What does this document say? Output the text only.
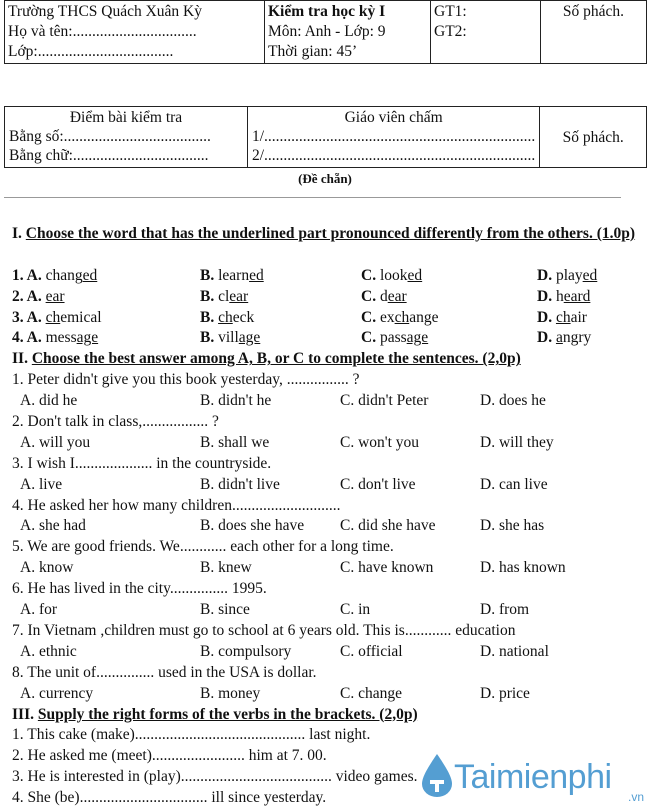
Trường THCS Quách Xuân Kỳ
Họ và tên:................................
Lớp:...................................

Kiểm tra học kỳ I
Môn: Anh - Lớp: 9
Thời gian: 45’

GT1:
GT2:

Số phách.
Điểm bài kiểm tra
Bằng số:......................................
Bằng chữ:...................................

Giáo viên chấm
1/......................................................................
2/......................................................................

Số phách.
(Đề chẵn)
I. Choose the word that has the underlined part pronounced differently from the others. (1.0p)
1. A. changed	B. learned	C. looked	D. played
2. A. ear	B. clear	C. dear	D. heard
3. A. chemical	B. check	C. exchange	D. chair
4. A. message	B. village	C. passage	D. angry
II. Choose the best answer among A, B, or C to complete the sentences. (2,0p)
1. Peter didn't give you this book yesterday, ................ ?
A. did he	B. didn't he	C. didn't Peter	D. does he
2. Don't talk in class,................. ?
A. will you	B. shall we	C. won't you	D. will they
3. I wish I.................... in the countryside.
A. live	B. didn't live	C. don't live	D. can live
4. He asked her how many children............................
A. she had	B. does she have C. did she have	D. she has
5. We are good friends. We............ each other for a long time.
A. know	B. knew	C. have known	D. has known
6. He has lived in the city............... 1995.
A. for	B. since	C. in	D. from
7. In Vietnam ,children must go to school at 6 years old. This is............ education
A. ethnic	B. compulsory	C. official	D. national
8. The unit of............... used in the USA is dollar.
A. currency	B. money	C. change	D. price
III. Supply the right forms of the verbs in the brackets. (2,0p)
1. This cake (make)............................................ last night.
2. He asked me (meet)........................ him at 7. 00.
3. He is interested in (play)....................................... video games.
4. She (be)................................. ill since yesterday.
Taimienphi
.vn
